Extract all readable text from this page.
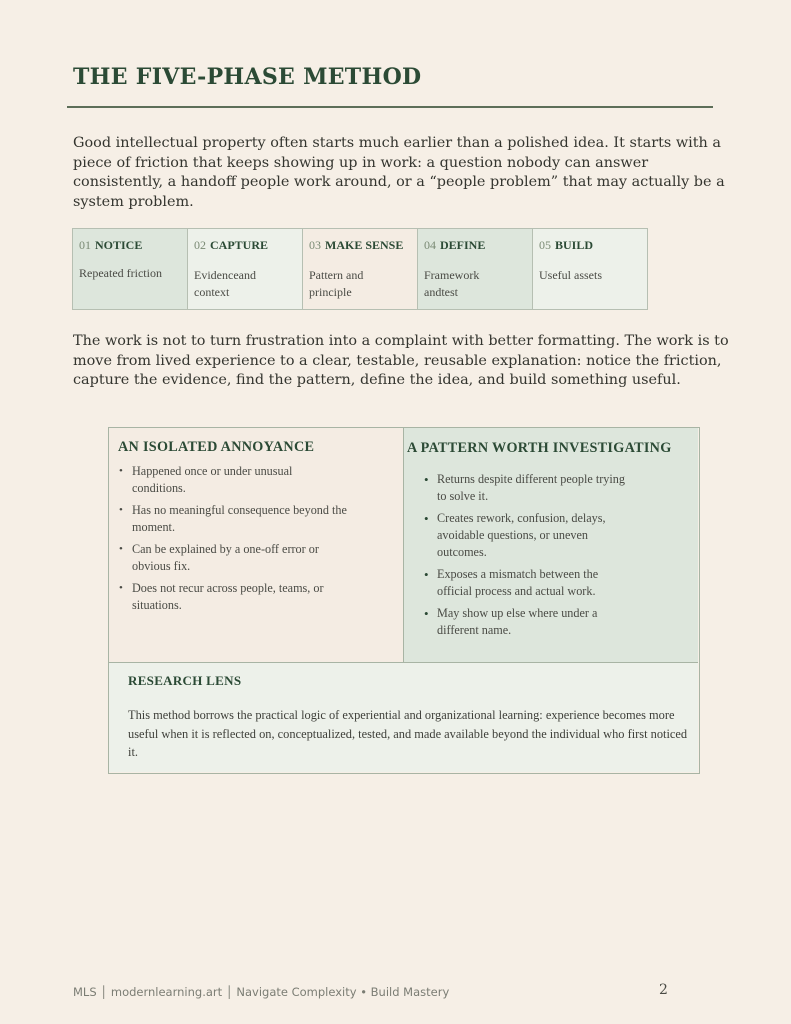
THE FIVE-PHASE METHOD

Good intellectual property often starts much earlier than a polished idea. It starts with a piece of friction that keeps showing up in work: a question nobody can answer consistently, a handoff people work around, or a “people problem” that may actually be a system problem.

01 NOTICE
Repeated friction
02 CAPTURE
Evidenceand context
03 MAKE SENSE
Pattern and principle
04 DEFINE
Framework andtest
05 BUILD
Useful assets

The work is not to turn frustration into a complaint with better formatting. The work is to move from lived experience to a clear, testable, reusable explanation: notice the friction, capture the evidence, find the pattern, define the idea, and build something useful.

AN ISOLATED ANNOYANCE
• Happened once or under unusual conditions.
• Has no meaningful consequence beyond the moment.
• Can be explained by a one-off error or obvious fix.
• Does not recur across people, teams, or situations.
A PATTERN WORTH INVESTIGATING
• Returns despite different people trying to solve it.
• Creates rework, confusion, delays, avoidable questions, or uneven outcomes.
• Exposes a mismatch between the official process and actual work.
• May show up else where under a different name.
RESEARCH LENS

This method borrows the practical logic of experiential and organizational learning: experience becomes more useful when it is reflected on, conceptualized, tested, and made available beyond the individual who first noticed it.

MLS │ modernlearning.art │ Navigate Complexity • Build Mastery	2
